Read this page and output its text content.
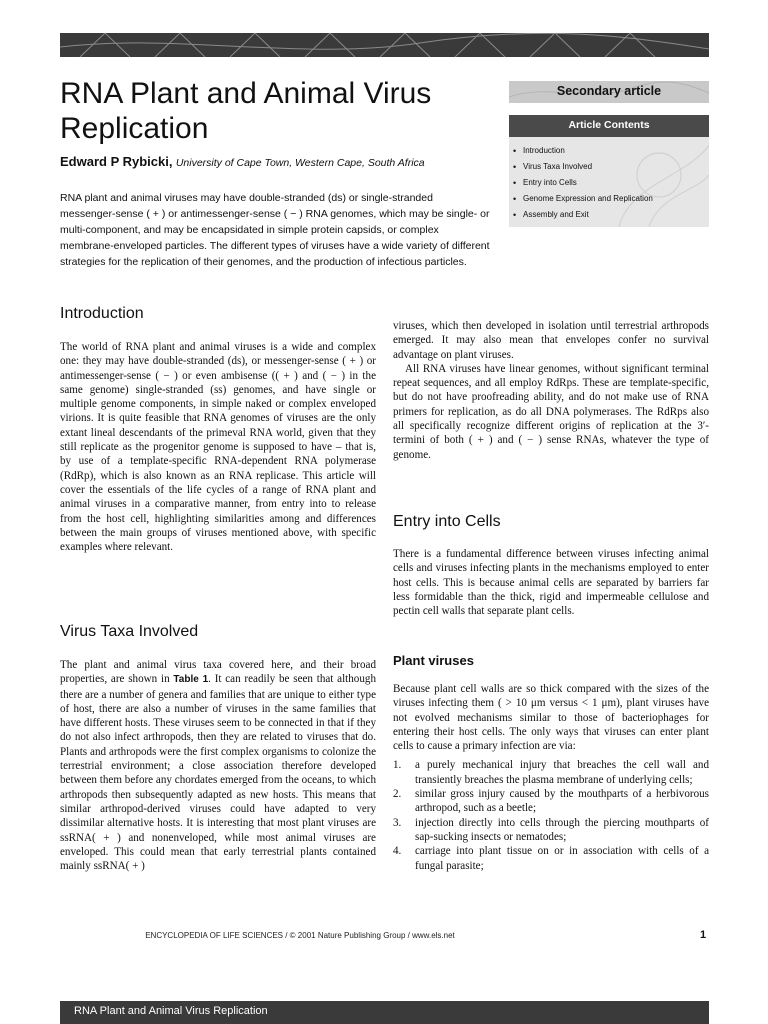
RNA Plant and Animal Virus Replication
Edward P Rybicki, University of Cape Town, Western Cape, South Africa

RNA plant and animal viruses may have double-stranded (ds) or single-stranded messenger-sense ( + ) or antimessenger-sense ( − ) RNA genomes, which may be single- or multi-component, and may be encapsidated in simple protein capsids, or complex membrane-enveloped particles. The different types of viruses have a wide variety of different strategies for the replication of their genomes, and the production of infectious particles.

Secondary article
Article Contents
• Introduction
• Virus Taxa Involved
• Entry into Cells
• Genome Expression and Replication
• Assembly and Exit
Introduction

The world of RNA plant and animal viruses is a wide and complex one: they may have double-stranded (ds), or messenger-sense ( + ) or antimessenger-sense ( − ) or even ambisense (( + ) and ( − ) in the same genome) single-stranded (ss) genomes, and have single or multiple genome components, in simple naked or complex enveloped virions. It is quite feasible that RNA genomes of viruses are the only extant lineal descendants of the primeval RNA world, given that they still replicate as the progenitor genome is supposed to have – that is, by use of a template-specific RNA-dependent RNA polymerase (RdRp), which is also known as an RNA replicase. This article will cover the essentials of the life cycles of a range of RNA plant and animal viruses in a comparative manner, from entry into to release from the host cell, highlighting similarities among and differences between the main groups of viruses mentioned above, with specific examples where relevant.

Virus Taxa Involved

The plant and animal virus taxa covered here, and their broad properties, are shown in Table 1. It can readily be seen that although there are a number of genera and families that are unique to either type of host, there are also a number of viruses in the same families that have different hosts. These viruses seem to be connected in that if they do not also infect arthropods, then they are related to viruses that do. Plants and arthropods were the first complex organisms to colonize the terrestrial environment; a close association therefore developed between them before any chordates emerged from the oceans, to which arthropods then subsequently adapted as new hosts. This means that similar arthropod-derived viruses could have adapted to very dissimilar alternative hosts. It is interesting that most plant viruses are ssRNA( + ) and nonenveloped, while most animal viruses are enveloped. This could mean that early terrestrial plants contained mainly ssRNA( + )

viruses, which then developed in isolation until terrestrial arthropods emerged. It may also mean that envelopes confer no survival advantage on plant viruses.

All RNA viruses have linear genomes, without significant terminal repeat sequences, and all employ RdRps. These are template-specific, but do not have proofreading ability, and do not make use of RNA primers for replication, as do all DNA polymerases. The RdRps also all specifically recognize different origins of replication at the 3′-termini of both ( + ) and ( − ) sense RNAs, whatever the type of genome.

Entry into Cells

There is a fundamental difference between viruses infecting animal cells and viruses infecting plants in the mechanisms employed to enter host cells. This is because animal cells are separated by barriers far less formidable than the thick, rigid and impermeable cellulose and pectin cell walls that separate plant cells.

Plant viruses

Because plant cell walls are so thick compared with the sizes of the viruses infecting them ( > 10 μm versus < 1 μm), plant viruses have not evolved mechanisms similar to those of bacteriophages for entering their host cells. The only ways that viruses can enter plant cells to cause a primary infection are via:

1. a purely mechanical injury that breaches the cell wall and transiently breaches the plasma membrane of underlying cells;
2. similar gross injury caused by the mouthparts of a herbivorous arthropod, such as a beetle;
3. injection directly into cells through the piercing mouthparts of sap-sucking insects or nematodes;
4. carriage into plant tissue on or in association with cells of a fungal parasite;
ENCYCLOPEDIA OF LIFE SCIENCES / © 2001 Nature Publishing Group / www.els.net	1
RNA Plant and Animal Virus Replication
